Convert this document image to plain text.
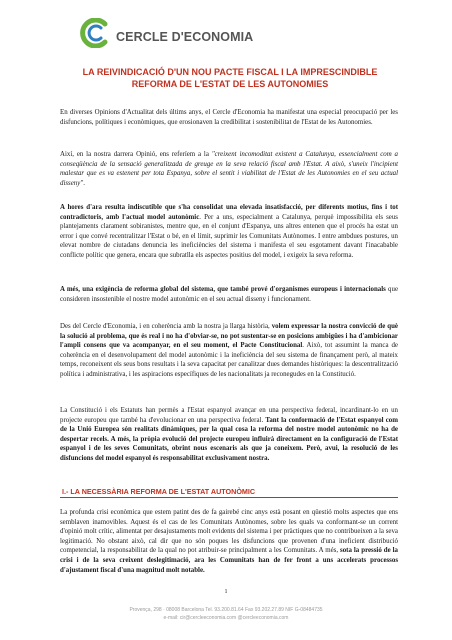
CERCLE D'ECONOMIA
LA REIVINDICACIÓ D'UN NOU PACTE FISCAL I LA IMPRESCINDIBLE
REFORMA DE L'ESTAT DE LES AUTONOMIES

En diverses Opinions d'Actualitat dels últims anys, el Cercle d'Economia ha manifestat una especial preocupació per les disfuncions, polítiques i econòmiques, que erosionaven la credibilitat i sostenibilitat de l'Estat de les Autonomies.

Així, en la nostra darrera Opinió, ens referíem a la "creixent incomoditat existent a Catalunya, essencialment com a conseqüència de la sensació generalitzada de greuge en la seva relació fiscal amb l'Estat. A això, s'uneix l'incipient malestar que es va estenent per tota Espanya, sobre el sentit i viabilitat de l'Estat de les Autonomies en el seu actual disseny".

A hores d'ara resulta indiscutible que s'ha consolidat una elevada insatisfacció, per diferents motius, fins i tot contradictoris, amb l'actual model autonòmic. Per a uns, especialment a Catalunya, perquè impossibilita els seus plantejaments clarament sobiranistes, mentre que, en el conjunt d'Espanya, uns altres entenen que el procés ha estat un error i que convé recentralitzar l'Estat o bé, en el límit, suprimir les Comunitats Autònomes. I entre ambdues postures, un elevat nombre de ciutadans denuncia les ineficiències del sistema i manifesta el seu esgotament davant l'inacabable conflicte polític que genera, encara que subratlla els aspectes positius del model, i exigeix la seva reforma.

A més, una exigència de reforma global del sistema, que també prové d'organismes europeus i internacionals que consideren insostenible el nostre model autonòmic en el seu actual disseny i funcionament.

Des del Cercle d'Economia, i en coherència amb la nostra ja llarga història, volem expressar la nostra convicció de què la solució al problema, que és real i no ha d'obviar-se, no pot sustentar-se en posicions ambigües i ha d'ambicionar l'ampli consens que va acompanyar, en el seu moment, el Pacte Constitucional. Això, tot assumint la manca de coherència en el desenvolupament del model autonòmic i la ineficiència del seu sistema de finançament però, al mateix temps, reconeixent els seus bons resultats i la seva capacitat per canalitzar dues demandes històriques: la descentralització política i administrativa, i les aspiracions específiques de les nacionalitats ja reconegudes en la Constitució.

La Constitució i els Estatuts han permès a l'Estat espanyol avançar en una perspectiva federal, incardinant-lo en un projecte europeu que també ha d'evolucionar en una perspectiva federal. Tant la conformació de l'Estat espanyol com de la Unió Europea són realitats dinàmiques, per la qual cosa la reforma del nostre model autonòmic no ha de despertar recels. A més, la pròpia evolució del projecte europeu influirà directament en la configuració de l'Estat espanyol i de les seves Comunitats, obrint nous escenaris als que ja coneixem. Però, avui, la resolució de les disfuncions del model espanyol és responsabilitat exclusivament nostra.

I.- LA NECESSÀRIA REFORMA DE L'ESTAT AUTONÒMIC

La profunda crisi econòmica que estem patint des de fa gairebé cinc anys està posant en qüestió molts aspectes que ens semblaven inamovibles. Aquest és el cas de les Comunitats Autònomes, sobre les quals va conformant-se un corrent d'opinió molt crític, alimentat per desajustaments molt evidents del sistema i per pràctiques que no contribueixen a la seva legitimació. No obstant això, cal dir que no són poques les disfuncions que provenen d'una ineficient distribució competencial, la responsabilitat de la qual no pot atribuir-se principalment a les Comunitats. A més, sota la pressió de la crisi i de la seva creixent deslegitimació, ara les Comunitats han de fer front a uns accelerats processos d'ajustament fiscal d'una magnitud molt notable.

1
Provença, 298 · 08008 Barcelona Tel. 93.200.81.64 Fax 93.202.27.89 NIF G-08484735
e-mail: cir@cercleeconomia.com @cercleeconomia.com
